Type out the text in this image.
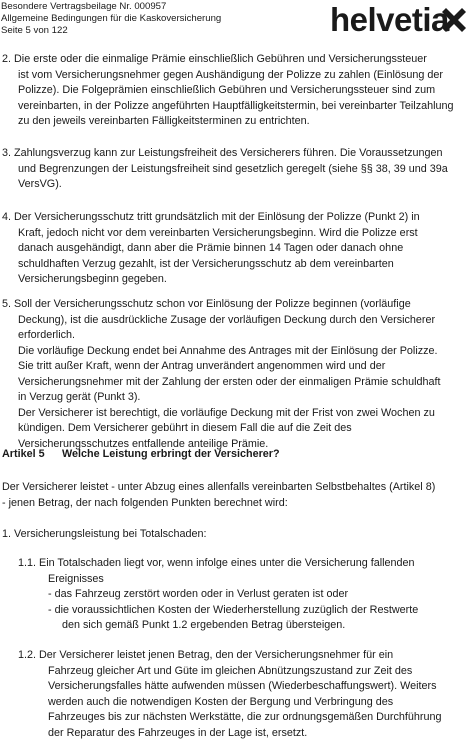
Besondere Vertragsbeilage Nr. 000957
Allgemeine Bedingungen für die Kaskoversicherung
Seite 5 von 122	helvetia
2. Die erste oder die einmalige Prämie einschließlich Gebühren und Versicherungssteuer
ist vom Versicherungsnehmer gegen Aushändigung der Polizze zu zahlen (Einlösung der
Polizze). Die Folgeprämien einschließlich Gebühren und Versicherungssteuer sind zum
vereinbarten, in der Polizze angeführten Hauptfälligkeitstermin, bei vereinbarter Teilzahlung
zu den jeweils vereinbarten Fälligkeitsterminen zu entrichten.
3. Zahlungsverzug kann zur Leistungsfreiheit des Versicherers führen. Die Voraussetzungen
und Begrenzungen der Leistungsfreiheit sind gesetzlich geregelt (siehe §§ 38, 39 und 39a
VersVG).
4. Der Versicherungsschutz tritt grundsätzlich mit der Einlösung der Polizze (Punkt 2) in
Kraft, jedoch nicht vor dem vereinbarten Versicherungsbeginn. Wird die Polizze erst
danach ausgehändigt, dann aber die Prämie binnen 14 Tagen oder danach ohne
schuldhaften Verzug gezahlt, ist der Versicherungsschutz ab dem vereinbarten
Versicherungsbeginn gegeben.
5. Soll der Versicherungsschutz schon vor Einlösung der Polizze beginnen (vorläufige
Deckung), ist die ausdrückliche Zusage der vorläufigen Deckung durch den Versicherer
erforderlich.
Die vorläufige Deckung endet bei Annahme des Antrages mit der Einlösung der Polizze.
Sie tritt außer Kraft, wenn der Antrag unverändert angenommen wird und der
Versicherungsnehmer mit der Zahlung der ersten oder der einmaligen Prämie schuldhaft
in Verzug gerät (Punkt 3).
Der Versicherer ist berechtigt, die vorläufige Deckung mit der Frist von zwei Wochen zu
kündigen. Dem Versicherer gebührt in diesem Fall die auf die Zeit des
Versicherungsschutzes entfallende anteilige Prämie.
Artikel 5 Welche Leistung erbringt der Versicherer?
Der Versicherer leistet - unter Abzug eines allenfalls vereinbarten Selbstbehaltes (Artikel 8)
- jenen Betrag, der nach folgenden Punkten berechnet wird:
1. Versicherungsleistung bei Totalschaden:
1.1. Ein Totalschaden liegt vor, wenn infolge eines unter die Versicherung fallenden
Ereignisses
- das Fahrzeug zerstört worden oder in Verlust geraten ist oder
- die voraussichtlichen Kosten der Wiederherstellung zuzüglich der Restwerte
den sich gemäß Punkt 1.2 ergebenden Betrag übersteigen.
1.2. Der Versicherer leistet jenen Betrag, den der Versicherungsnehmer für ein
Fahrzeug gleicher Art und Güte im gleichen Abnützungszustand zur Zeit des
Versicherungsfalles hätte aufwenden müssen (Wiederbeschaffungswert). Weiters
werden auch die notwendigen Kosten der Bergung und Verbringung des
Fahrzeuges bis zur nächsten Werkstätte, die zur ordnungsgemäßen Durchführung
der Reparatur des Fahrzeuges in der Lage ist, ersetzt.
